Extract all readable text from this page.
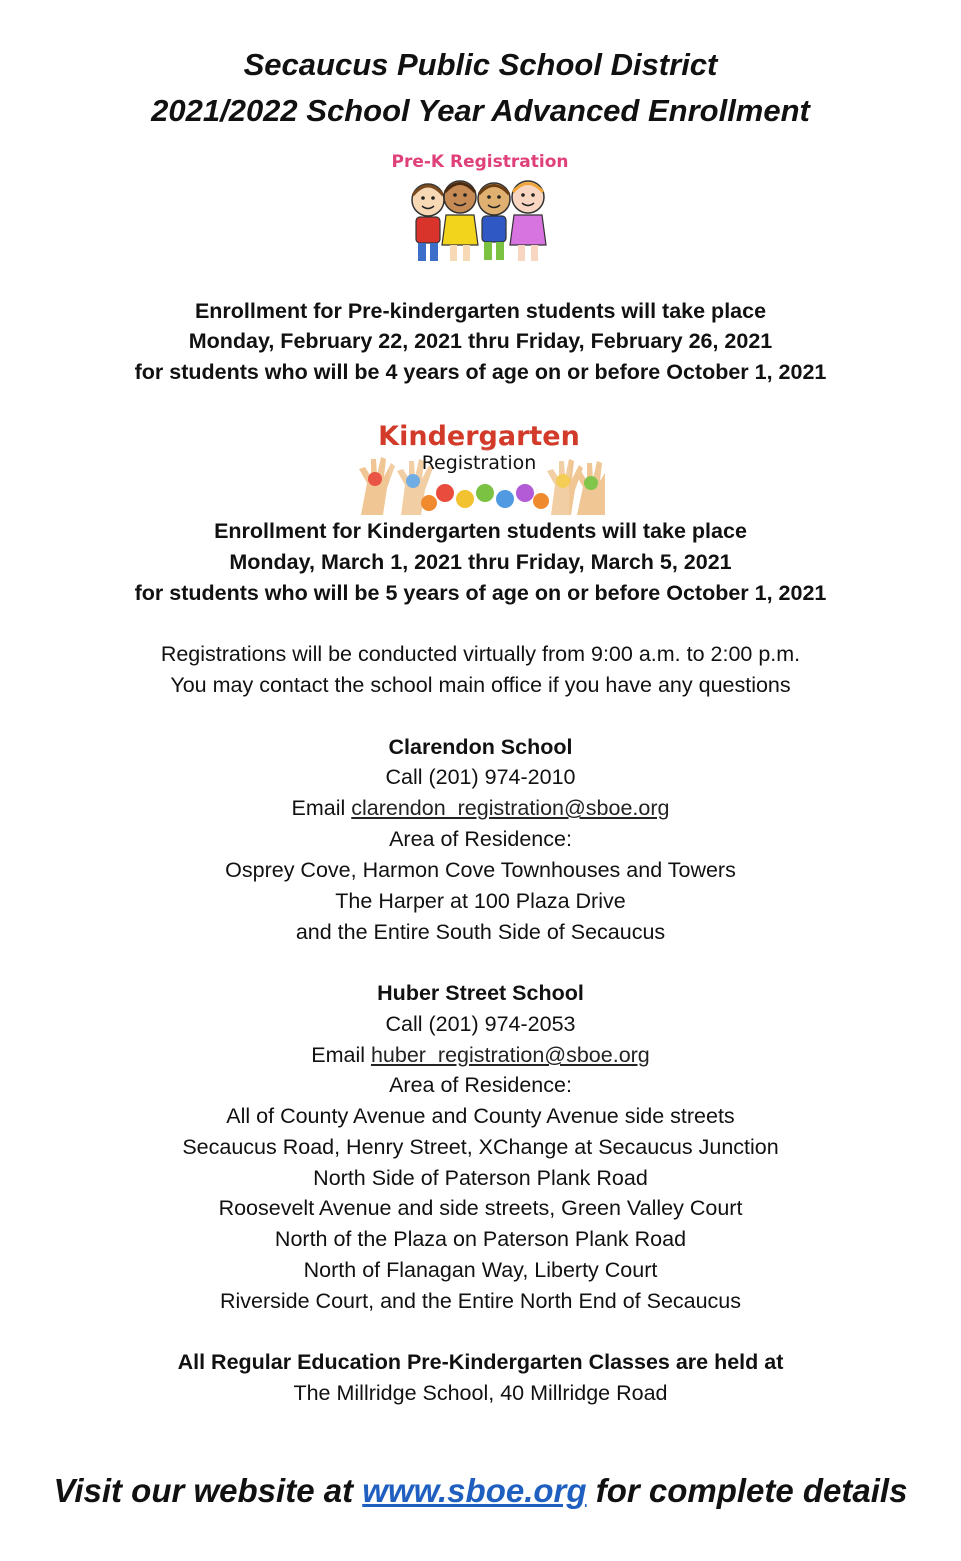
Secaucus Public School District
2021/2022 School Year Advanced Enrollment
Pre-K Registration
Enrollment for Pre-kindergarten students will take place
Monday, February 22, 2021 thru Friday, February 26, 2021
for students who will be 4 years of age on or before October 1, 2021
Kindergarten
Registration
Enrollment for Kindergarten students will take place
Monday, March 1, 2021 thru Friday, March 5, 2021
for students who will be 5 years of age on or before October 1, 2021
Registrations will be conducted virtually from 9:00 a.m. to 2:00 p.m.
You may contact the school main office if you have any questions
Clarendon School
Call (201) 974-2010
Email clarendon_registration@sboe.org
Area of Residence:
Osprey Cove, Harmon Cove Townhouses and Towers
The Harper at 100 Plaza Drive
and the Entire South Side of Secaucus
Huber Street School
Call (201) 974-2053
Email huber_registration@sboe.org
Area of Residence:
All of County Avenue and County Avenue side streets
Secaucus Road, Henry Street, XChange at Secaucus Junction
North Side of Paterson Plank Road
Roosevelt Avenue and side streets, Green Valley Court
North of the Plaza on Paterson Plank Road
North of Flanagan Way, Liberty Court
Riverside Court, and the Entire North End of Secaucus
All Regular Education Pre-Kindergarten Classes are held at
The Millridge School, 40 Millridge Road
Visit our website at www.sboe.org for complete details
